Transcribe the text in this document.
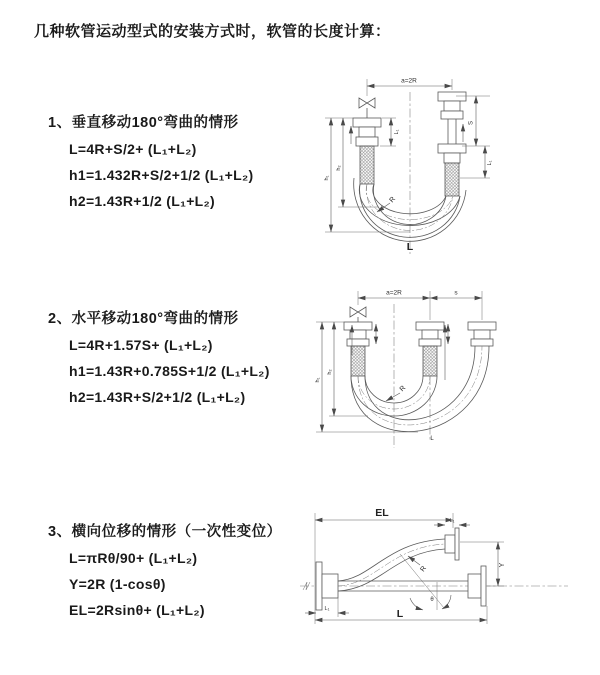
几种软管运动型式的安装方式时，软管的长度计算：
1、垂直移动180°弯曲的情形
L=4R+S/2+ (L₁+L₂)
h1=1.432R+S/2+1/2 (L₁+L₂)
h2=1.43R+1/2 (L₁+L₂)
2、水平移动180°弯曲的情形
L=4R+1.57S+ (L₁+L₂)
h1=1.43R+0.785S+1/2 (L₁+L₂)
h2=1.43R+S/2+1/2 (L₁+L₂)
3、横向位移的情形（一次性变位）
L=πRθ/90+ (L₁+L₂)
Y=2R (1-cosθ)
EL=2Rsinθ+ (L₁+L₂)
a=2R
L₁
S
L₁
h₁
h₂
R
L
a=2R	s
h₁
h₂
R
L
EL
L₁
Y
θ
R
L₁	L
